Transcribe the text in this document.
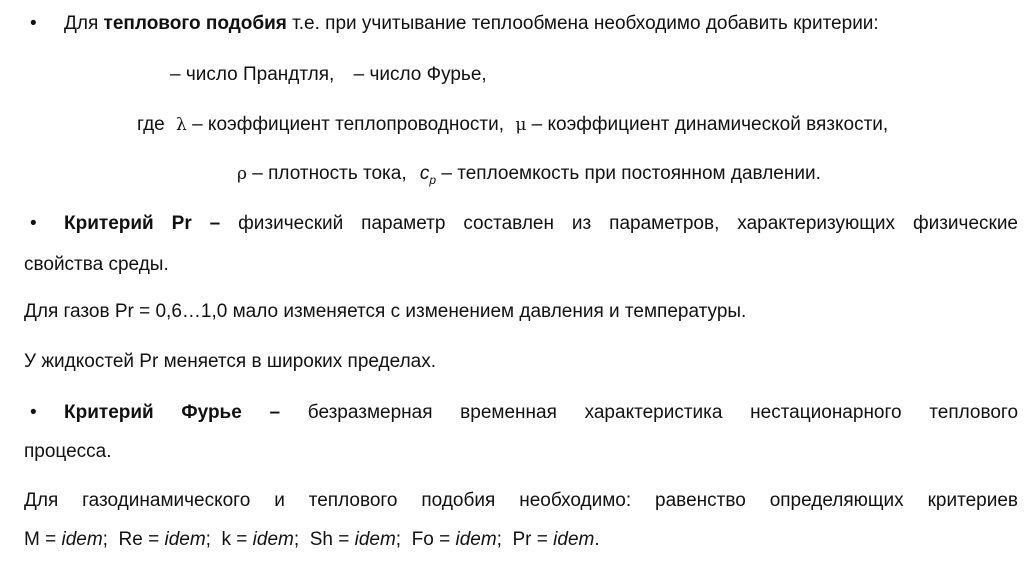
• Для теплового подобия т.е. при учитывание теплообмена необходимо добавить критерии:
– число Прандтля, – число Фурье,
где λ – коэффициент теплопроводности, μ – коэффициент динамической вязкости,
ρ – плотность тока, $c_p$ – теплоемкость при постоянном давлении.
•	Критерий Pr – физический параметр составлен из параметров, характеризующих физические
свойства среды.
Для газов Pr = 0,6…1,0 мало изменяется с изменением давления и температуры.
У жидкостей Pr меняется в широких пределах.
•	Критерий Фурье – безразмерная временная характеристика нестационарного теплового
процесса.
Для газодинамического и теплового подобия необходимо: равенство определяющих критериев
M = idem; Re = idem; k = idem; Sh = idem; Fo = idem; Pr = idem.
